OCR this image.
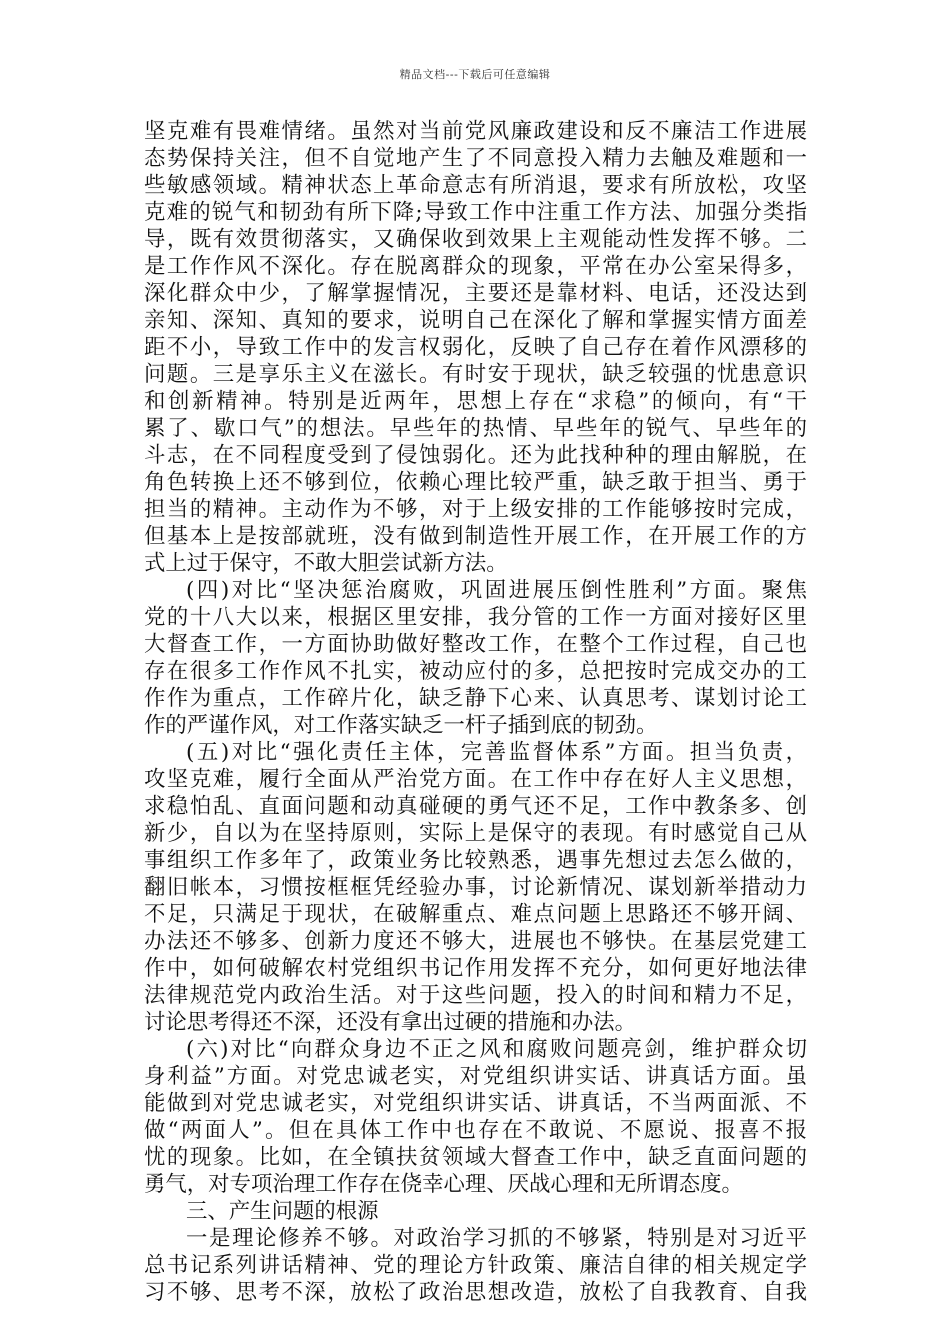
精品文档---下载后可任意编辑
坚克难有畏难情绪。虽然对当前党风廉政建设和反不廉洁工作进展
态势保持关注，但不自觉地产生了不同意投入精力去触及难题和一
些敏感领域。精神状态上革命意志有所消退，要求有所放松，攻坚
克难的锐气和韧劲有所下降;导致工作中注重工作方法、加强分类指
导，既有效贯彻落实，又确保收到效果上主观能动性发挥不够。二
是工作作风不深化。存在脱离群众的现象，平常在办公室呆得多，
深化群众中少，了解掌握情况，主要还是靠材料、电话，还没达到
亲知、深知、真知的要求，说明自己在深化了解和掌握实情方面差
距不小，导致工作中的发言权弱化，反映了自己存在着作风漂移的
问题。三是享乐主义在滋长。有时安于现状，缺乏较强的忧患意识
和创新精神。特别是近两年，思想上存在“求稳”的倾向，有“干
累了、歇口气”的想法。早些年的热情、早些年的锐气、早些年的
斗志，在不同程度受到了侵蚀弱化。还为此找种种的理由解脱，在
角色转换上还不够到位，依赖心理比较严重，缺乏敢于担当、勇于
担当的精神。主动作为不够，对于上级安排的工作能够按时完成，
但基本上是按部就班，没有做到制造性开展工作，在开展工作的方
式上过于保守，不敢大胆尝试新方法。
(四)对比“坚决惩治腐败，巩固进展压倒性胜利”方面。聚焦
党的十八大以来，根据区里安排，我分管的工作一方面对接好区里
大督查工作，一方面协助做好整改工作，在整个工作过程，自己也
存在很多工作作风不扎实，被动应付的多，总把按时完成交办的工
作作为重点，工作碎片化，缺乏静下心来、认真思考、谋划讨论工
作的严谨作风，对工作落实缺乏一杆子插到底的韧劲。
(五)对比“强化责任主体，完善监督体系”方面。担当负责，
攻坚克难，履行全面从严治党方面。在工作中存在好人主义思想，
求稳怕乱、直面问题和动真碰硬的勇气还不足，工作中教条多、创
新少，自以为在坚持原则，实际上是保守的表现。有时感觉自己从
事组织工作多年了，政策业务比较熟悉，遇事先想过去怎么做的，
翻旧帐本，习惯按框框凭经验办事，讨论新情况、谋划新举措动力
不足，只满足于现状，在破解重点、难点问题上思路还不够开阔、
办法还不够多、创新力度还不够大，进展也不够快。在基层党建工
作中，如何破解农村党组织书记作用发挥不充分，如何更好地法律
法律规范党内政治生活。对于这些问题，投入的时间和精力不足，
讨论思考得还不深，还没有拿出过硬的措施和办法。
(六)对比“向群众身边不正之风和腐败问题亮剑，维护群众切
身利益”方面。对党忠诚老实，对党组织讲实话、讲真话方面。虽
能做到对党忠诚老实，对党组织讲实话、讲真话，不当两面派、不
做“两面人”。但在具体工作中也存在不敢说、不愿说、报喜不报
忧的现象。比如，在全镇扶贫领域大督查工作中，缺乏直面问题的
勇气，对专项治理工作存在侥幸心理、厌战心理和无所谓态度。
三、产生问题的根源
一是理论修养不够。对政治学习抓的不够紧，特别是对习近平
总书记系列讲话精神、党的理论方针政策、廉洁自律的相关规定学
习不够、思考不深，放松了政治思想改造，放松了自我教育、自我
